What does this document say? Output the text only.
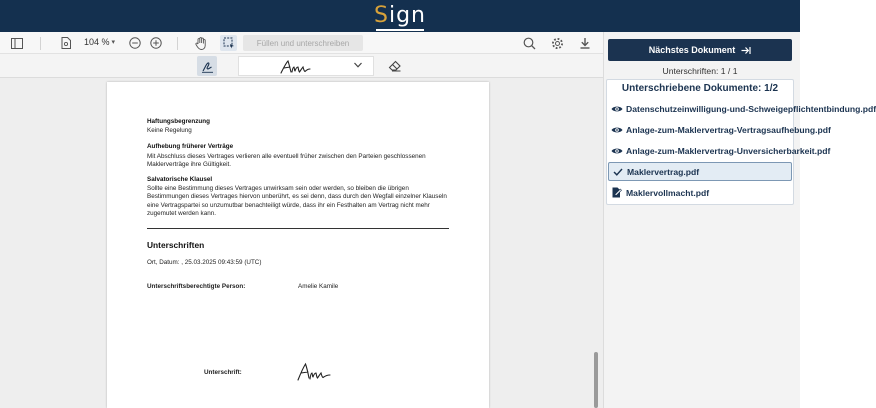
Sign
104 % ▾	Füllen und unterschreiben
Haftungsbegrenzung
Keine Regelung
Aufhebung früherer Verträge
Mit Abschluss dieses Vertrages verlieren alle eventuell früher zwischen den Parteien geschlossenen Maklerverträge ihre Gültigkeit.
Salvatorische Klausel
Sollte eine Bestimmung dieses Vertrages unwirksam sein oder werden, so bleiben die übrigen Bestimmungen dieses Vertrages hiervon unberührt, es sei denn, dass durch den Wegfall einzelner Klauseln eine Vertragspartei so unzumutbar benachteiligt würde, dass ihr ein Festhalten am Vertrag nicht mehr zugemutet werden kann.
Unterschriften
Ort, Datum: , 25.03.2025 09:43:59 (UTC)
Unterschriftsberechtigte Person:	Amelie Kamile
Unterschrift:
Nächstes Dokument
Unterschriften: 1 / 1
Unterschriebene Dokumente: 1/2
Datenschutzeinwilligung-und-Schweigepflichtentbindung.pdf
Anlage-zum-Maklervertrag-Vertragsaufhebung.pdf
Anlage-zum-Maklervertrag-Unversicherbarkeit.pdf
Maklervertrag.pdf
Maklervollmacht.pdf
